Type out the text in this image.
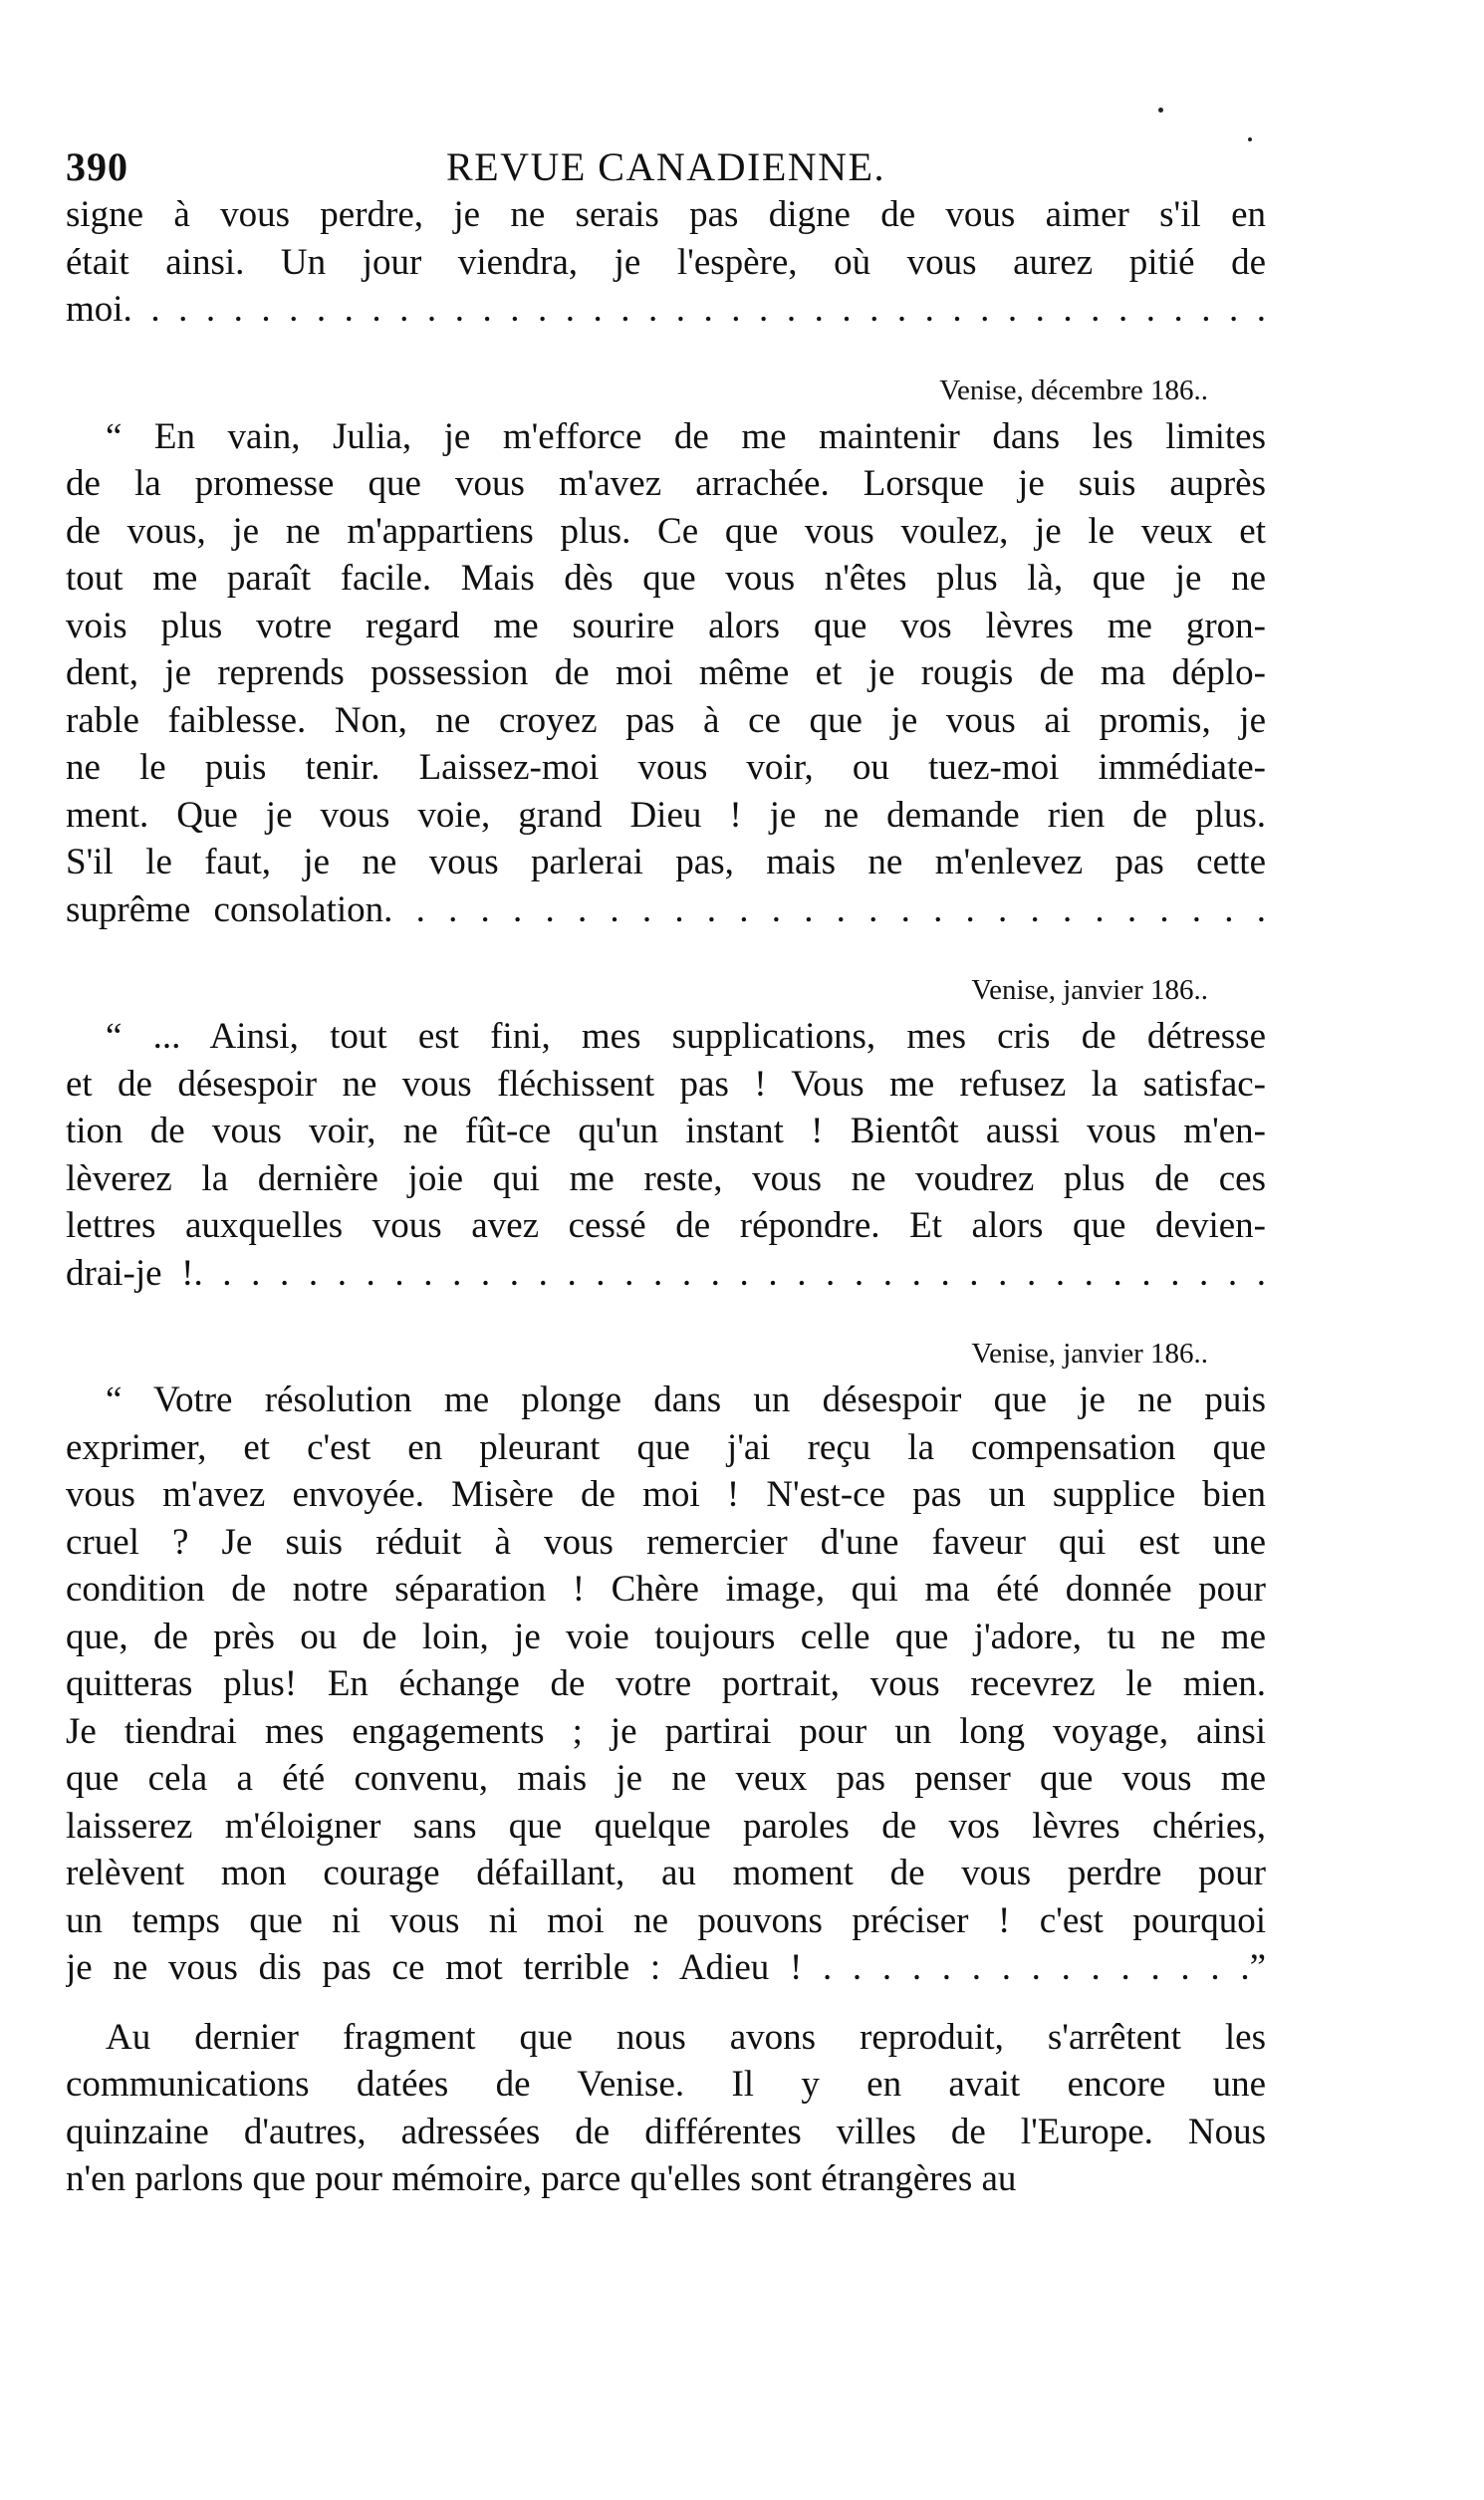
390	REVUE CANADIENNE.
signe à vous perdre, je ne serais pas digne de vous aimer s'il en
était ainsi. Un jour viendra, je l'espère, où vous aurez pitié de
moi. . . . . . . . . . . . . . . . . . . . . . . . . . . . . . . . . . . . . . . . . .
Venise, décembre 186..
“ En vain, Julia, je m'efforce de me maintenir dans les limites
de la promesse que vous m'avez arrachée. Lorsque je suis auprès
de vous, je ne m'appartiens plus. Ce que vous voulez, je le veux et
tout me paraît facile. Mais dès que vous n'êtes plus là, que je ne
vois plus votre regard me sourire alors que vos lèvres me gron-
dent, je reprends possession de moi même et je rougis de ma déplo-
rable faiblesse. Non, ne croyez pas à ce que je vous ai promis, je
ne le puis tenir. Laissez-moi vous voir, ou tuez-moi immédiate-
ment. Que je vous voie, grand Dieu ! je ne demande rien de plus.
S'il le faut, je ne vous parlerai pas, mais ne m'enlevez pas cette
suprême consolation. . . . . . . . . . . . . . . . . . . . . . . . . . . .
Venise, janvier 186..
“ ... Ainsi, tout est fini, mes supplications, mes cris de détresse
et de désespoir ne vous fléchissent pas ! Vous me refusez la satisfac-
tion de vous voir, ne fût-ce qu'un instant ! Bientôt aussi vous m'en-
lèverez la dernière joie qui me reste, vous ne voudrez plus de ces
lettres auxquelles vous avez cessé de répondre. Et alors que devien-
drai-je !. . . . . . . . . . . . . . . . . . . . . . . . . . . . . . . . . . . . . .
Venise, janvier 186..
“ Votre résolution me plonge dans un désespoir que je ne puis
exprimer, et c'est en pleurant que j'ai reçu la compensation que
vous m'avez envoyée. Misère de moi ! N'est-ce pas un supplice bien
cruel ? Je suis réduit à vous remercier d'une faveur qui est une
condition de notre séparation ! Chère image, qui ma été donnée pour
que, de près ou de loin, je voie toujours celle que j'adore, tu ne me
quitteras plus! En échange de votre portrait, vous recevrez le mien.
Je tiendrai mes engagements ; je partirai pour un long voyage, ainsi
que cela a été convenu, mais je ne veux pas penser que vous me
laisserez m'éloigner sans que quelque paroles de vos lèvres chéries,
relèvent mon courage défaillant, au moment de vous perdre pour
un temps que ni vous ni moi ne pouvons préciser ! c'est pourquoi
je ne vous dis pas ce mot terrible : Adieu ! . . . . . . . . . . . . . . .”
Au dernier fragment que nous avons reproduit, s'arrêtent les
communications datées de Venise. Il y en avait encore une
quinzaine d'autres, adressées de différentes villes de l'Europe. Nous
n'en parlons que pour mémoire, parce qu'elles sont étrangères au
